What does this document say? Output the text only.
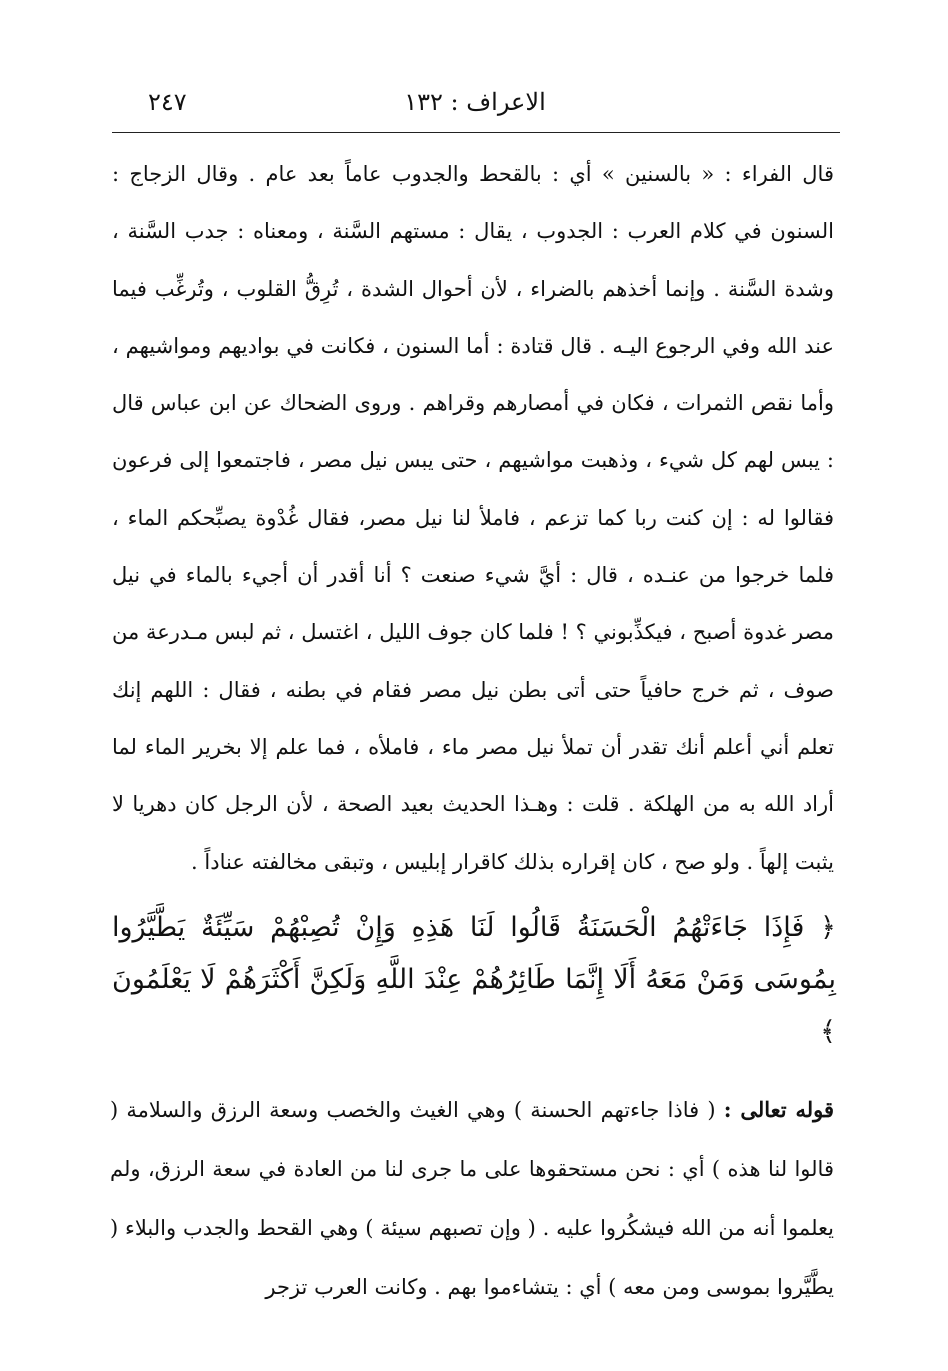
الاعراف : ١٣٢
٢٤٧

قال الفراء : « بالسنين » أي : بالقحط والجدوب عاماً بعد عام . وقال الزجاج : السنون في كلام العرب : الجدوب ، يقال : مستهم السَّنة ، ومعناه : جدب السَّنة ، وشدة السَّنة . وإنما أخذهم بالضراء ، لأن أحوال الشدة ، تُرِقُّ القلوب ، وتُرغِّب فيما عند الله وفي الرجوع اليـه . قال قتادة : أما السنون ، فكانت في بواديهم ومواشيهم ، وأما نقص الثمرات ، فكان في أمصارهم وقراهم . وروى الضحاك عن ابن عباس قال : يبس لهم كل شيء ، وذهبت مواشيهم ، حتى يبس نيل مصر ، فاجتمعوا إلى فرعون فقالوا له : إن كنت ربا كما تزعم ، فاملأ لنا نيل مصر، فقال غُدْوة يصبِّحكم الماء ، فلما خرجوا من عنـده ، قال : أيَّ شيء صنعت ؟ أنا أقدر أن أجيء بالماء في نيل مصر غدوة أصبح ، فيكذِّبوني ؟ ! فلما كان جوف الليل ، اغتسل ، ثم لبس مـدرعة من صوف ، ثم خرج حافياً حتى أتى بطن نيل مصر فقام في بطنه ، فقال : اللهم إنك تعلم أني أعلم أنك تقدر أن تملأ نيل مصر ماء ، فاملأه ، فما علم إلا بخرير الماء لما أراد الله به من الهلكة . قلت : وهـذا الحديث بعيد الصحة ، لأن الرجل كان دهريا لا يثبت إلهاً . ولو صح ، كان إقراره بذلك كاقرار إبليس ، وتبقى مخالفته عناداً .

﴿ فَإِذَا جَاءَتْهُمُ الْحَسَنَةُ قَالُوا لَنَا هَذِهِ وَإِنْ تُصِبْهُمْ سَيِّئَةٌ يَطَّيَّرُوا بِمُوسَى وَمَنْ مَعَهُ أَلَا إِنَّمَا طَائِرُهُمْ عِنْدَ اللَّهِ وَلَكِنَّ أَكْثَرَهُمْ لَا يَعْلَمُونَ ﴾

قوله تعالى : ( فاذا جاءتهم الحسنة ) وهي الغيث والخصب وسعة الرزق والسلامة ( قالوا لنا هذه ) أي : نحن مستحقوها على ما جرى لنا من العادة في سعة الرزق، ولم يعلموا أنه من الله فيشكُروا عليه . ( وإن تصبهم سيئة ) وهي القحط والجدب والبلاء ( يطَّيَّروا بموسى ومن معه ) أي : يتشاءموا بهم . وكانت العرب تزجر
